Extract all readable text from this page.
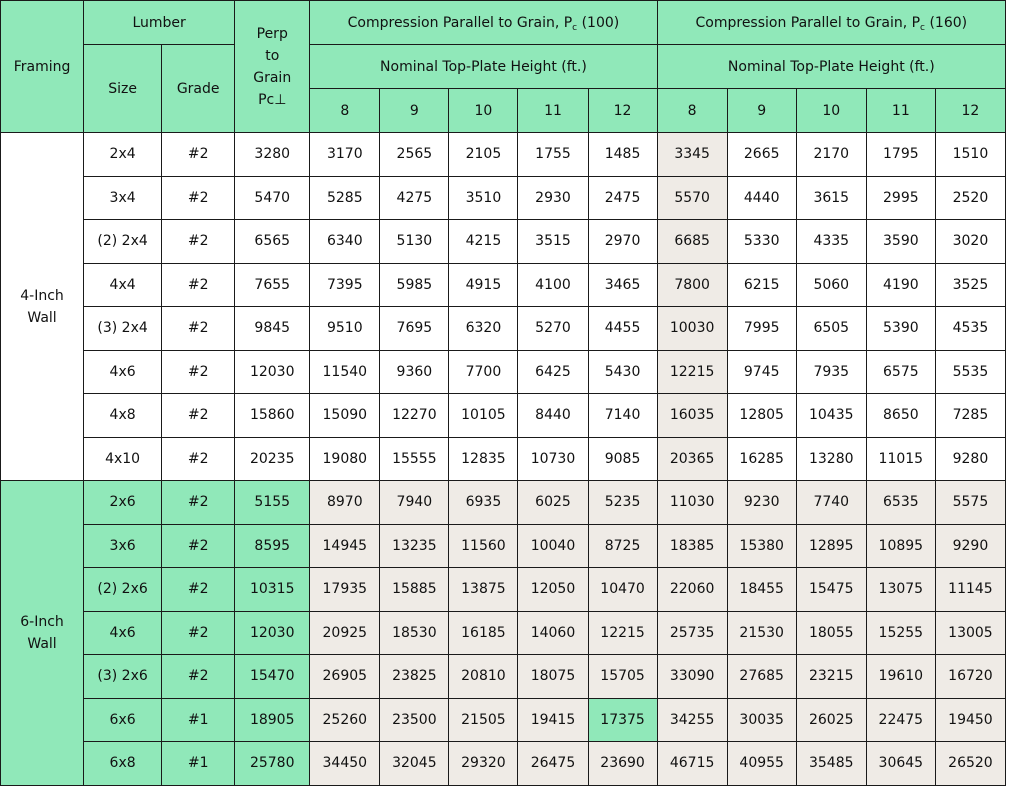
Framing	Lumber		Perp
to
Grain
Pc⊥	Compression Parallel to Grain, $P_c$ (100)					Compression Parallel to Grain, $P_c$ (160)				
	Size	Grade		Nominal Top-Plate Height (ft.)					Nominal Top-Plate Height (ft.)				
				8	9	10	11	12	8	9	10	11	12
4-Inch
Wall	2x4	#2	3280	3170	2565	2105	1755	1485	3345	2665	2170	1795	1510
	3x4	#2	5470	5285	4275	3510	2930	2475	5570	4440	3615	2995	2520
	(2) 2x4	#2	6565	6340	5130	4215	3515	2970	6685	5330	4335	3590	3020
	4x4	#2	7655	7395	5985	4915	4100	3465	7800	6215	5060	4190	3525
	(3) 2x4	#2	9845	9510	7695	6320	5270	4455	10030	7995	6505	5390	4535
	4x6	#2	12030	11540	9360	7700	6425	5430	12215	9745	7935	6575	5535
	4x8	#2	15860	15090	12270	10105	8440	7140	16035	12805	10435	8650	7285
	4x10	#2	20235	19080	15555	12835	10730	9085	20365	16285	13280	11015	9280
6-Inch
Wall	2x6	#2	5155	8970	7940	6935	6025	5235	11030	9230	7740	6535	5575
	3x6	#2	8595	14945	13235	11560	10040	8725	18385	15380	12895	10895	9290
	(2) 2x6	#2	10315	17935	15885	13875	12050	10470	22060	18455	15475	13075	11145
	4x6	#2	12030	20925	18530	16185	14060	12215	25735	21530	18055	15255	13005
	(3) 2x6	#2	15470	26905	23825	20810	18075	15705	33090	27685	23215	19610	16720
	6x6	#1	18905	25260	23500	21505	19415	17375	34255	30035	26025	22475	19450
	6x8	#1	25780	34450	32045	29320	26475	23690	46715	40955	35485	30645	26520
